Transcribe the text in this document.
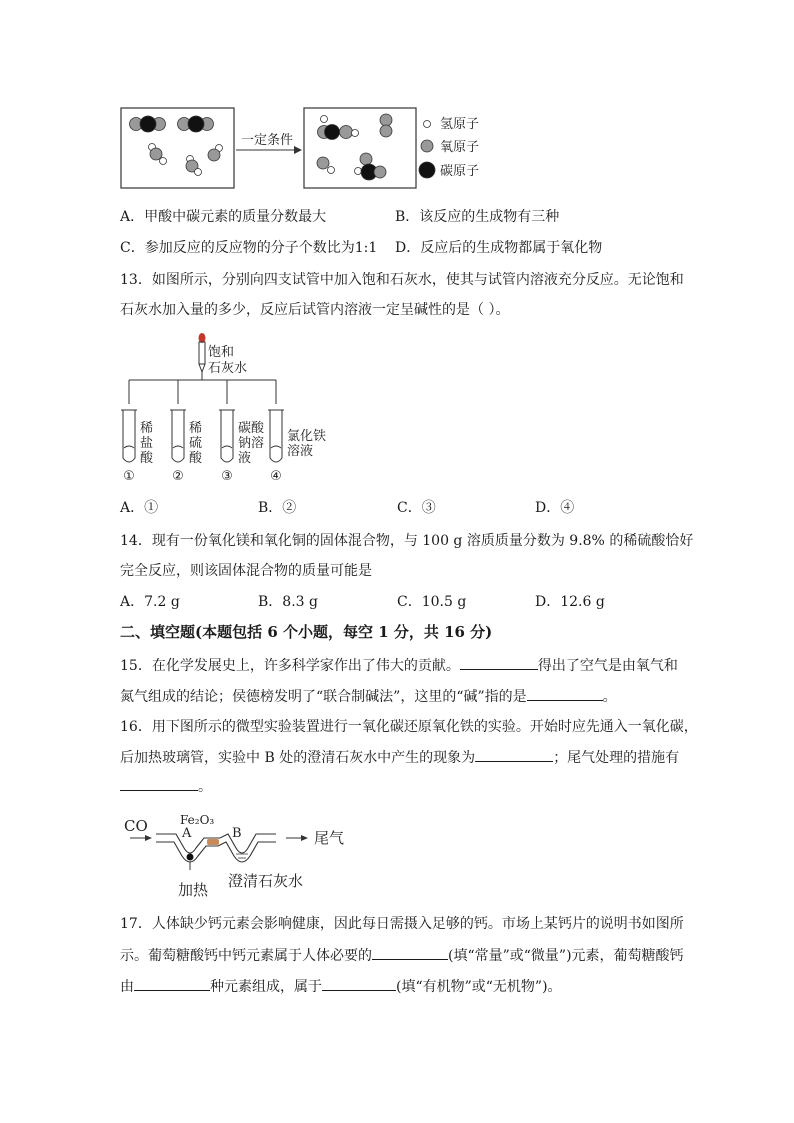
一定条件
氢原子
氧原子
碳原子
A．甲酸中碳元素的质量分数最大	B．该反应的生成物有三种
C．参加反应的反应物的分子个数比为1:1 D．反应后的生成物都属于氧化物
13．如图所示，分别向四支试管中加入饱和石灰水，使其与试管内溶液充分反应。无论饱和
石灰水加入量的多少，反应后试管内溶液一定呈碱性的是（ ）。
饱和
石灰水
稀
盐
酸
稀
硫
酸
碳酸
钠溶
液
氯化铁
溶液
①	②	③	④
A．①	B．②	C．③	D．④
14．现有一份氧化镁和氧化铜的固体混合物，与 100 g 溶质质量分数为 9.8% 的稀硫酸恰好
完全反应，则该固体混合物的质量可能是
A．7.2 g	B．8.3 g	C．10.5 g	D．12.6 g
二、填空题(本题包括 6 个小题，每空 1 分，共 16 分)
15．在化学发展史上，许多科学家作出了伟大的贡献。	得出了空气是由氧气和
氮气组成的结论；侯德榜发明了“联合制碱法”，这里的“碱”指的是	。
16．用下图所示的微型实验装置进行一氧化碳还原氧化铁的实验。开始时应先通入一氧化碳，
后加热玻璃管，实验中 B 处的澄清石灰水中产生的现象为	；尾气处理的措施有
。
CO	Fe₂O₃
A	B	尾气
加热 澄清石灰水
17．人体缺少钙元素会影响健康，因此每日需摄入足够的钙。市场上某钙片的说明书如图所
示。葡萄糖酸钙中钙元素属于人体必要的	(填“常量”或“微量”)元素，葡萄糖酸钙
由	种元素组成，属于	(填“有机物”或“无机物”)。
